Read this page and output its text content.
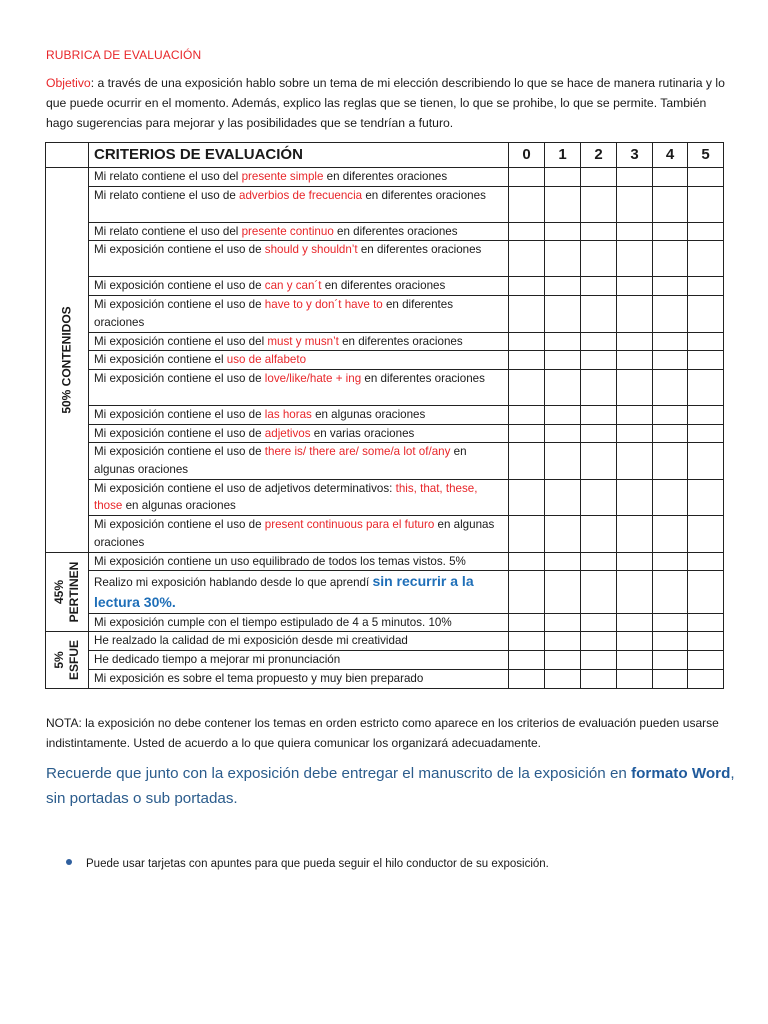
RUBRICA DE EVALUACIÓN
Objetivo: a través de una exposición hablo sobre un tema de mi elección describiendo lo que se hace de manera rutinaria y lo que puede ocurrir en el momento. Además, explico las reglas que se tienen, lo que se prohibe, lo que se permite. También hago sugerencias para mejorar y las posibilidades que se tendrían a futuro.
	CRITERIOS DE EVALUACIÓN	0	1	2	3	4	5

50% CONTENIDOS	Mi relato contiene el uso del presente simple en diferentes oraciones						
	Mi relato contiene el uso de adverbios de frecuencia en diferentes oraciones						
	Mi relato contiene el uso del presente continuo en diferentes oraciones						
	Mi exposición contiene el uso de should y shouldn’t en diferentes oraciones						
	Mi exposición contiene el uso de can y can´t en diferentes oraciones						
	Mi exposición contiene el uso de have to y don´t have to en diferentes oraciones						
	Mi exposición contiene el uso del must y musn’t en diferentes oraciones						
	Mi exposición contiene el uso de alfabeto						
	Mi exposición contiene el uso de love/like/hate + ing en diferentes oraciones						
	Mi exposición contiene el uso de las horas en algunas oraciones						
	Mi exposición contiene el uso de adjetivos en varias oraciones						
	Mi exposición contiene el uso de there is/ there are/ some/a lot of/any en algunas oraciones						
	Mi exposición contiene el uso de adjetivos determinativos: this, that, these, those en algunas oraciones						
	Mi exposición contiene el uso de present continuous para el futuro en algunas oraciones						

45% PERTINEN	Mi exposición contiene un uso equilibrado de todos los temas vistos. 5%						
	Realizo mi exposición hablando desde lo que aprendí sin recurrir a la lectura 30%.						
	Mi exposición cumple con el tiempo estipulado de 4 a 5 minutos. 10%						

5% ESFUE	He realzado la calidad de mi exposición desde mi creatividad						
	He dedicado tiempo a mejorar mi pronunciación						
	Mi exposición es sobre el tema propuesto y muy bien preparado						
NOTA: la exposición no debe contener los temas en orden estricto como aparece en los criterios de evaluación pueden usarse indistintamente. Usted de acuerdo a lo que quiera comunicar los organizará adecuadamente.
Recuerde que junto con la exposición debe entregar el manuscrito de la exposición en formato Word, sin portadas o sub portadas.
Puede usar tarjetas con apuntes para que pueda seguir el hilo conductor de su exposición.
